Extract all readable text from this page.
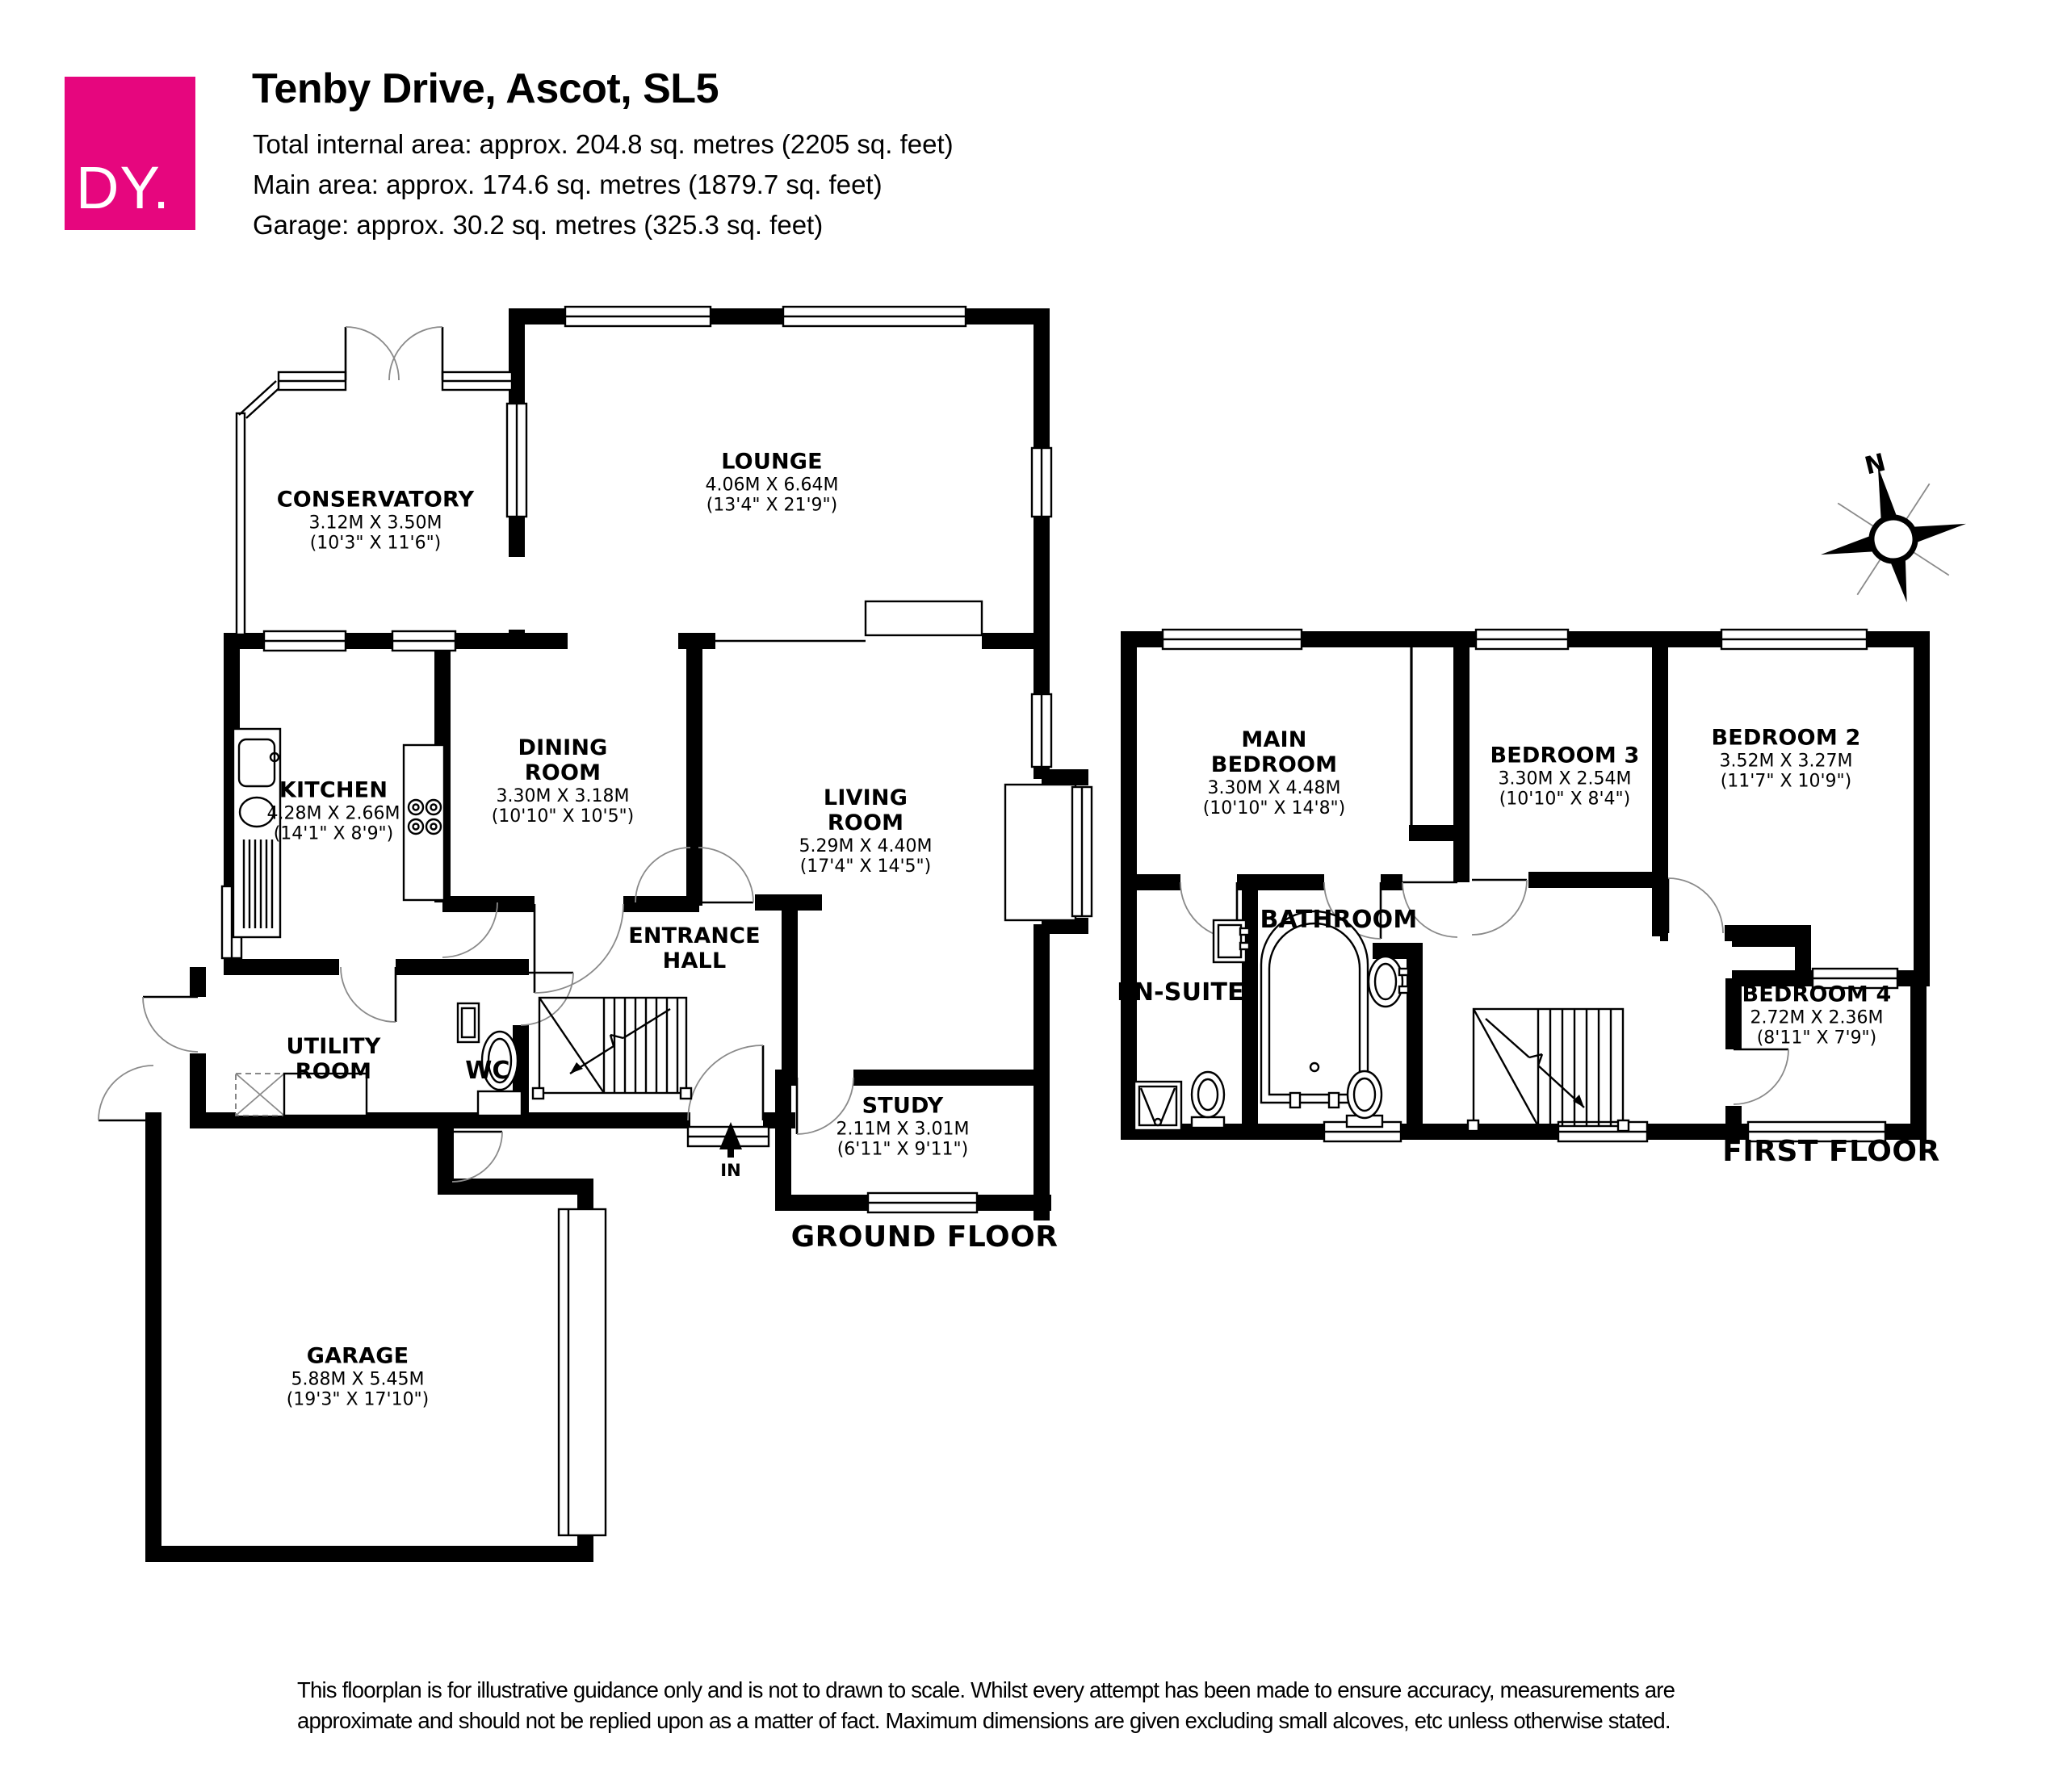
DY.
Tenby Drive, Ascot, SL5
Total internal area: approx. 204.8 sq. metres (2205 sq. feet)
Main area: approx. 174.6 sq. metres (1879.7 sq. feet)
Garage: approx. 30.2 sq. metres (325.3 sq. feet)
CONSERVATORY
3.12M X 3.50M
(10'3" X 11'6")
LOUNGE
4.06M X 6.64M
(13'4" X 21'9")
KITCHEN
4.28M X 2.66M
(14'1" X 8'9")
DINING
ROOM
3.30M X 3.18M
(10'10" X 10'5")
LIVING
ROOM
5.29M X 4.40M
(17'4" X 14'5")
ENTRANCE
HALL
UTILITY
ROOM	WC
STUDY
2.11M X 3.01M
(6'11" X 9'11")
GARAGE
5.88M X 5.45M
(19'3" X 17'10")
MAIN
BEDROOM
3.30M X 4.48M
(10'10" X 14'8")
BEDROOM 3
3.30M X 2.54M
(10'10" X 8'4")
BEDROOM 2
3.52M X 3.27M
(11'7" X 10'9")
BATHROOM
EN-SUITE	BEDROOM 4
2.72M X 2.36M
(8'11" X 7'9")
GROUND FLOOR
FIRST FLOOR
IN
N
This floorplan is for illustrative guidance only and is not to drawn to scale. Whilst every attempt has been made to ensure accuracy, measurements are
approximate and should not be replied upon as a matter of fact. Maximum dimensions are given excluding small alcoves, etc unless otherwise stated.
